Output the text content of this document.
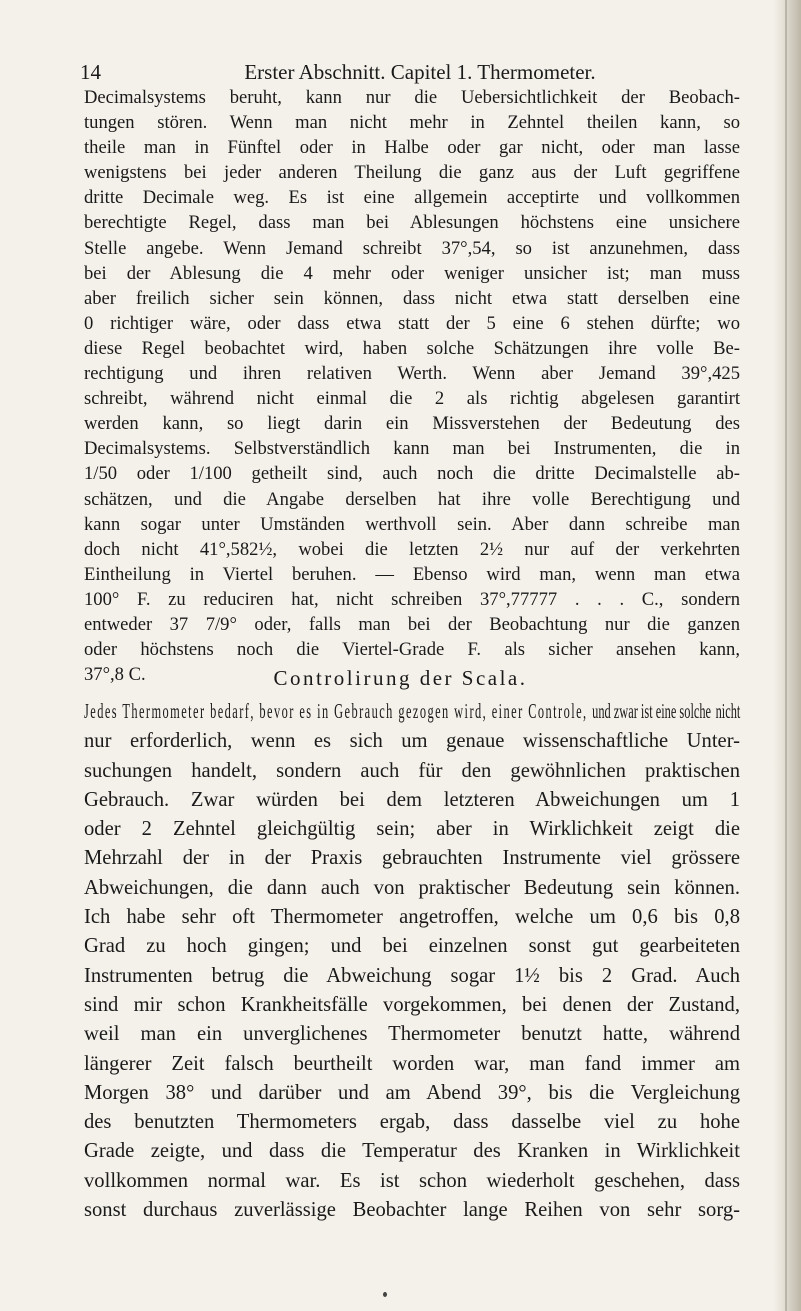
14	Erster Abschnitt. Capitel 1. Thermometer.
Decimalsystems beruht, kann nur die Uebersichtlichkeit der Beobach-
tungen stören. Wenn man nicht mehr in Zehntel theilen kann, so
theile man in Fünftel oder in Halbe oder gar nicht, oder man lasse
wenigstens bei jeder anderen Theilung die ganz aus der Luft gegriffene
dritte Decimale weg. Es ist eine allgemein acceptirte und vollkommen
berechtigte Regel, dass man bei Ablesungen höchstens eine unsichere
Stelle angebe. Wenn Jemand schreibt 37°,54, so ist anzunehmen, dass
bei der Ablesung die 4 mehr oder weniger unsicher ist; man muss
aber freilich sicher sein können, dass nicht etwa statt derselben eine
0 richtiger wäre, oder dass etwa statt der 5 eine 6 stehen dürfte; wo
diese Regel beobachtet wird, haben solche Schätzungen ihre volle Be-
rechtigung und ihren relativen Werth. Wenn aber Jemand 39°,425
schreibt, während nicht einmal die 2 als richtig abgelesen garantirt
werden kann, so liegt darin ein Missverstehen der Bedeutung des
Decimalsystems. Selbstverständlich kann man bei Instrumenten, die in
1/50 oder 1/100 getheilt sind, auch noch die dritte Decimalstelle ab-
schätzen, und die Angabe derselben hat ihre volle Berechtigung und
kann sogar unter Umständen werthvoll sein. Aber dann schreibe man
doch nicht 41°,582½, wobei die letzten 2½ nur auf der verkehrten
Eintheilung in Viertel beruhen. — Ebenso wird man, wenn man etwa
100° F. zu reduciren hat, nicht schreiben 37°,77777 . . . C., sondern
entweder 37 7/9° oder, falls man bei der Beobachtung nur die ganzen
oder höchstens noch die Viertel-Grade F. als sicher ansehen kann,
37°,8 C.	Controlirung der Scala.
Jedes Thermometer bedarf, bevor es in Gebrauch gezogen wird, einer Controle, und zwar ist eine solche nicht
nur erforderlich, wenn es sich um genaue wissenschaftliche Unter-
suchungen handelt, sondern auch für den gewöhnlichen praktischen
Gebrauch. Zwar würden bei dem letzteren Abweichungen um 1
oder 2 Zehntel gleichgültig sein; aber in Wirklichkeit zeigt die
Mehrzahl der in der Praxis gebrauchten Instrumente viel grössere
Abweichungen, die dann auch von praktischer Bedeutung sein können.
Ich habe sehr oft Thermometer angetroffen, welche um 0,6 bis 0,8
Grad zu hoch gingen; und bei einzelnen sonst gut gearbeiteten
Instrumenten betrug die Abweichung sogar 1½ bis 2 Grad. Auch
sind mir schon Krankheitsfälle vorgekommen, bei denen der Zustand,
weil man ein unverglichenes Thermometer benutzt hatte, während
längerer Zeit falsch beurtheilt worden war, man fand immer am
Morgen 38° und darüber und am Abend 39°, bis die Vergleichung
des benutzten Thermometers ergab, dass dasselbe viel zu hohe
Grade zeigte, und dass die Temperatur des Kranken in Wirklichkeit
vollkommen normal war. Es ist schon wiederholt geschehen, dass
sonst durchaus zuverlässige Beobachter lange Reihen von sehr sorg-
